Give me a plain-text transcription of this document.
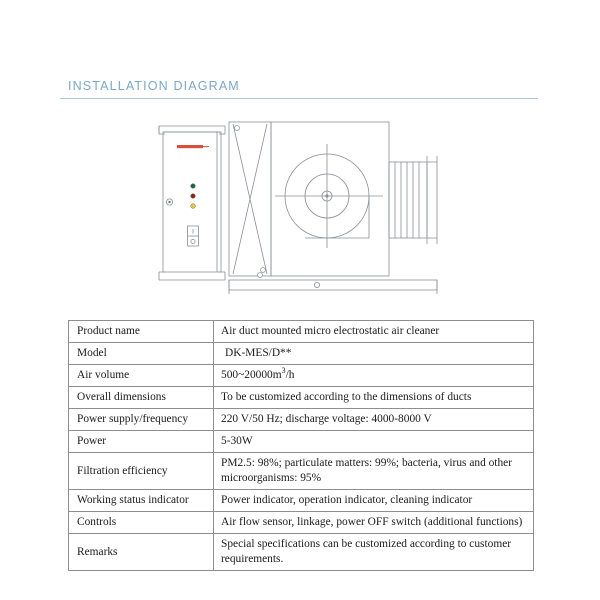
INSTALLATION DIAGRAM
Product name	Air duct mounted micro electrostatic air cleaner
Model	DK-MES/D**
Air volume	$500\sim 20000m^3/h$
Overall dimensions	To be customized according to the dimensions of ducts
Power supply/frequency	220 V/50 Hz; discharge voltage: 4000-8000 V
Power	5-30W
Filtration efficiency	PM2.5: 98%; particulate matters: 99%; bacteria, virus and other
microorganisms: 95%

Working status indicator	Power indicator, operation indicator, cleaning indicator
Controls	Air flow sensor, linkage, power OFF switch (additional functions)
Remarks	Special specifications can be customized according to customer
requirements.
